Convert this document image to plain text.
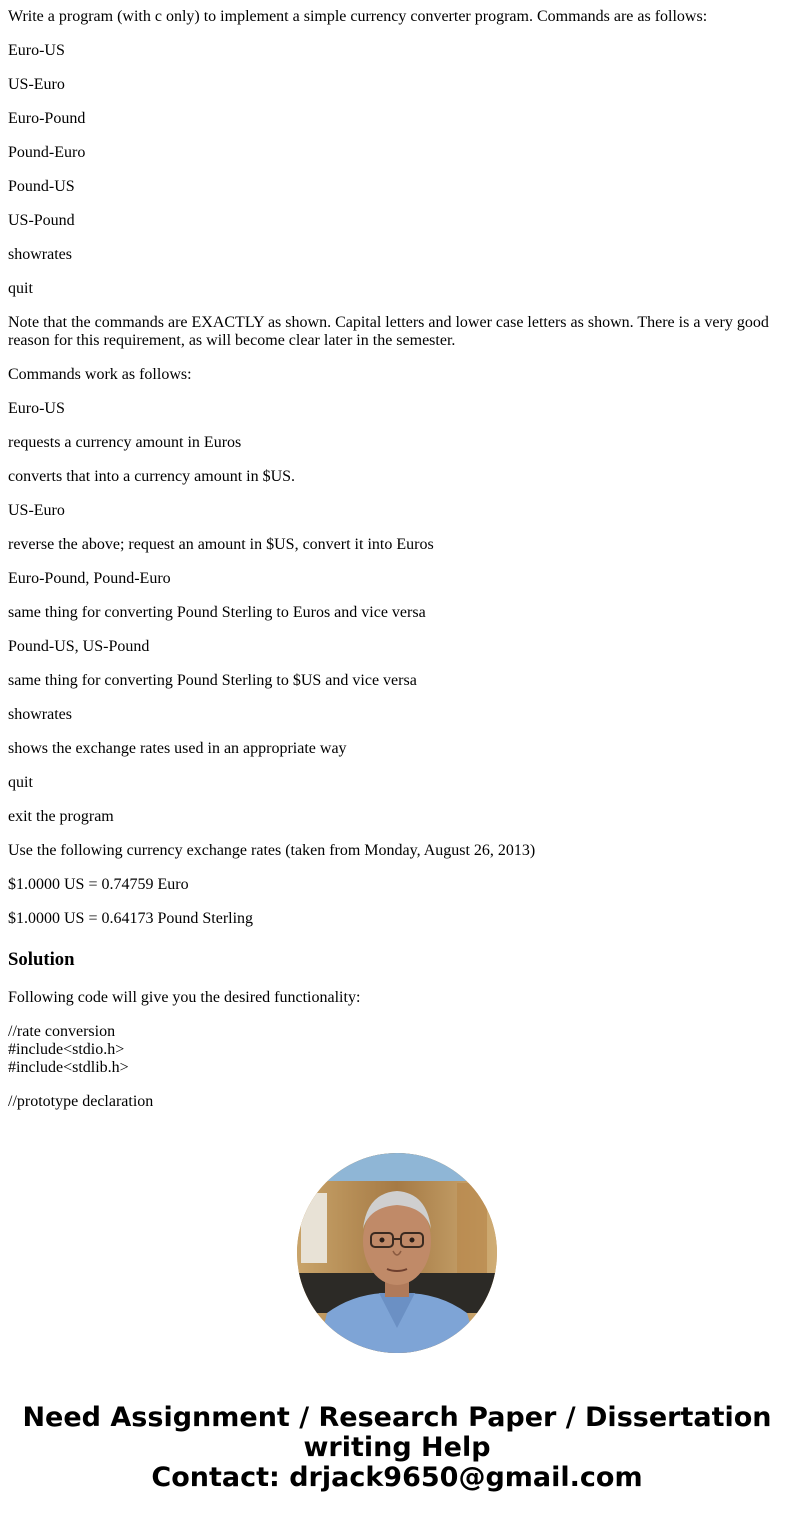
Write a program (with c only) to implement a simple currency converter program. Commands are as follows:

Euro-US

US-Euro

Euro-Pound

Pound-Euro

Pound-US

US-Pound

showrates

quit

Note that the commands are EXACTLY as shown. Capital letters and lower case letters as shown. There is a very good reason for this requirement, as will become clear later in the semester.

Commands work as follows:

Euro-US

requests a currency amount in Euros

converts that into a currency amount in $US.

US-Euro

reverse the above; request an amount in $US, convert it into Euros

Euro-Pound, Pound-Euro

same thing for converting Pound Sterling to Euros and vice versa

Pound-US, US-Pound

same thing for converting Pound Sterling to $US and vice versa

showrates

shows the exchange rates used in an appropriate way

quit

exit the program

Use the following currency exchange rates (taken from Monday, August 26, 2013)

$1.0000 US = 0.74759 Euro

$1.0000 US = 0.64173 Pound Sterling

Solution

Following code will give you the desired functionality:

//rate conversion
#include<stdio.h>
#include<stdlib.h>

//prototype declaration

Need Assignment / Research Paper / Dissertation
writing Help
Contact: drjack9650@gmail.com
